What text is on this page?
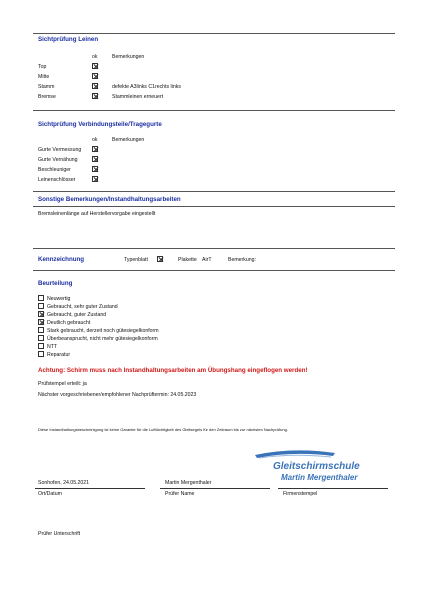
Sichtprüfung Leinen
ok	Bemerkungen
Top
Mitte
Stamm	defekte A3links C1rechts links
Bremse	Stammleinen erneuert
Sichtprüfung Verbindungsteile/Tragegurte
ok	Bemerkungen
Gurte Vermessung
Gurte Vernähung
Beschleuniger
Leinenschlösser
Sonstige Bemerkungen/Instandhaltungsarbeiten
Bremsleinenlänge auf Herstellervorgabe eingestellt
Kennzeichnung	Typenblatt	Plakette AirT	Bemerkung:
Beurteilung
Neuwertig
Gebraucht, sehr guter Zustand
Gebraucht, guter Zustand
Deutlich gebraucht
Stark gebraucht, derzeit noch gütesiegelkonform
Überbeansprucht, nicht mehr gütesiegelkonform
NTT
Reparatur
Achtung: Schirm muss nach Instandhaltungsarbeiten am Übungshang eingeflogen werden!
Prüfstempel erteilt: ja
Nächster vorgeschriebener/empfohlener Nachprüftermin: 24.05.2023
Diese Instandhaltungsbescheinigung ist keine Garantie für die Lufttüchtigkeit des Gleitsegels für den Zeitraum bis zur nächsten Nachprüfung.
Gleitschirmschule
Martin Mergenthaler
Sonhofen, 24.05.2021	Martin Mergenthaler
Ort/Datum	Prüfer Name	Firmenstempel
Prüfer Unterschrift
